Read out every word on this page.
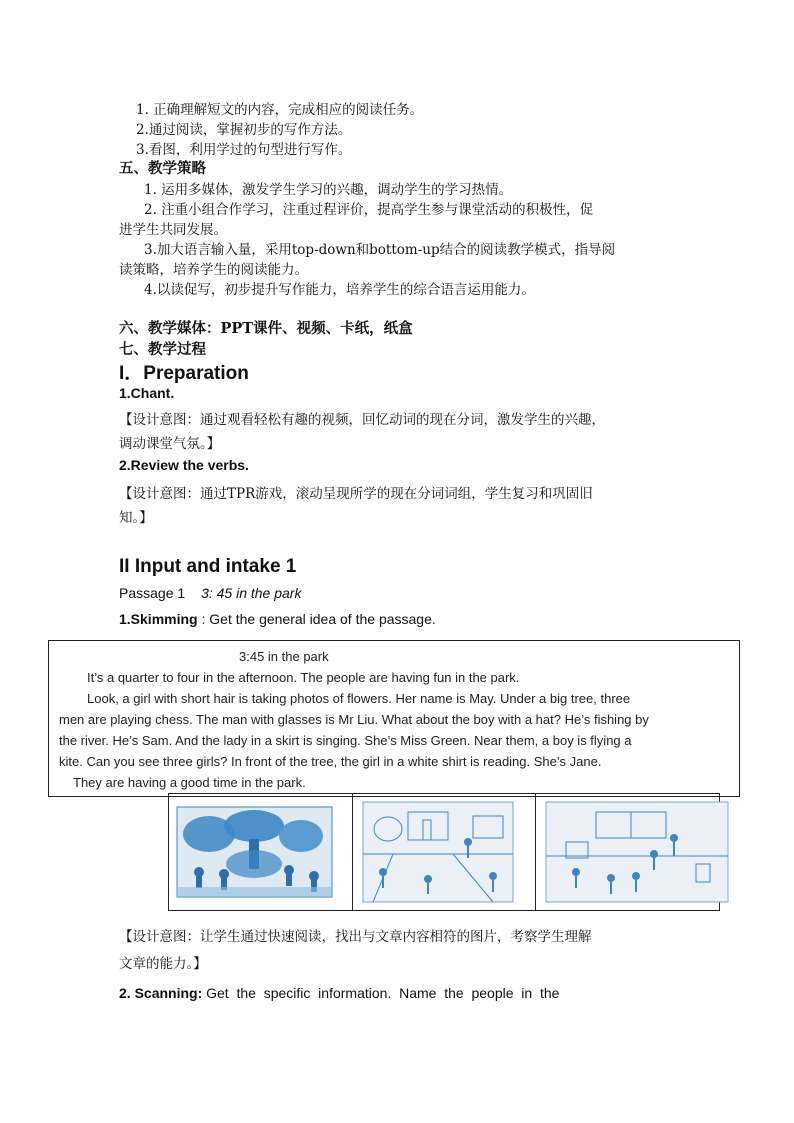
1. 正确理解短文的内容，完成相应的阅读任务。
2.通过阅读，掌握初步的写作方法。
3.看图，利用学过的句型进行写作。
五、教学策略
1. 运用多媒体，激发学生学习的兴趣，调动学生的学习热情。
2. 注重小组合作学习，注重过程评价，提高学生参与课堂活动的积极性，促
进学生共同发展。
3.加大语言输入量，采用top-down和bottom-up结合的阅读教学模式，指导阅
读策略，培养学生的阅读能力。
4.以读促写，初步提升写作能力，培养学生的综合语言运用能力。
六、教学媒体：PPT课件、视频、卡纸，纸盒
七、教学过程
I．Preparation
1.Chant.
【设计意图：通过观看轻松有趣的视频，回忆动词的现在分词，激发学生的兴趣，
调动课堂气氛。】
2.Review the verbs.
【设计意图：通过TPR游戏，滚动呈现所学的现在分词词组，学生复习和巩固旧
知。】
II Input and intake 1
Passage 1 3: 45 in the park
1.Skimming : Get the general idea of the passage.
3:45 in the park
It’s a quarter to four in the afternoon. The people are having fun in the park.
Look, a girl with short hair is taking photos of flowers. Her name is May. Under a big tree, three
men are playing chess. The man with glasses is Mr Liu. What about the boy with a hat? He’s fishing by
the river. He’s Sam. And the lady in a skirt is singing. She’s Miss Green. Near them, a boy is flying a
kite. Can you see three girls? In front of the tree, the girl in a white shirt is reading. She’s Jane.
They are having a good time in the park.
【设计意图：让学生通过快速阅读，找出与文章内容相符的图片，考察学生理解
文章的能力。】
2. Scanning: Get  the  specific  information.  Name  the  people  in  the
